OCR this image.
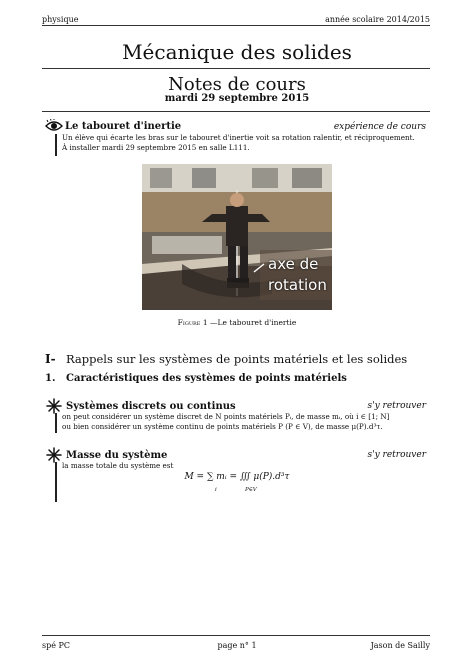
physique	année scolaire 2014/2015
Mécanique des solides
Notes de cours
mardi 29 septembre 2015
Le tabouret d'inertie	expérience de cours
Un élève qui écarte les bras sur le tabouret d'inertie voit sa rotation ralentir, et réciproquement.
À installer mardi 29 septembre 2015 en salle L111.
axe de
rotation
Figure 1 —Le tabouret d'inertie
I- Rappels sur les systèmes de points matériels et les solides
1. Caractéristiques des systèmes de points matériels
Systèmes discrets ou continus	s'y retrouver
on peut considérer un système discret de N points matériels Pᵢ, de masse mᵢ, où i ∈ [1; N]
ou bien considérer un système continu de points matériels P (P ∈ V), de masse μ(P).d³τ.
Masse du système	s'y retrouver
la masse totale du système est
M = ∑ mᵢ = ∭ μ(P).d³τ
i	P∈V
spé PC	page n° 1	Jason de Sailly
